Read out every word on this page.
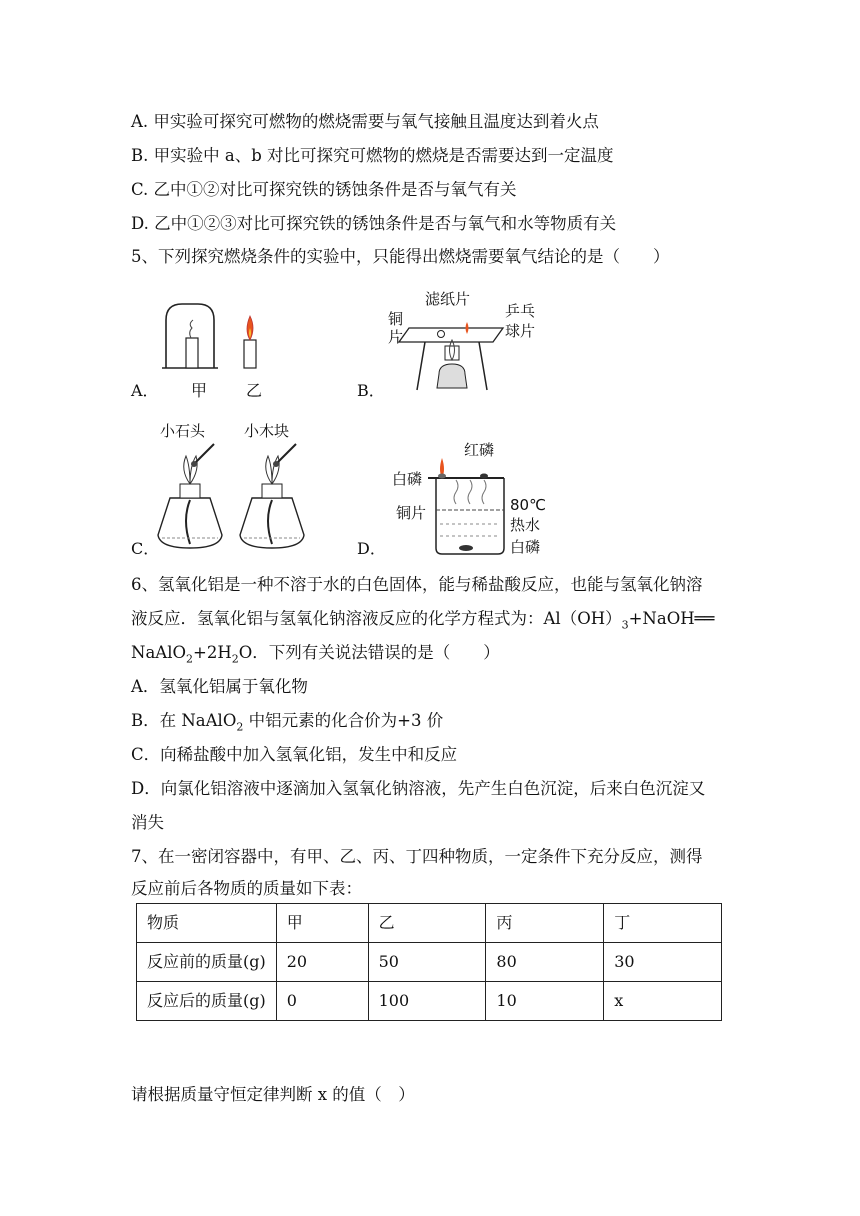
A. 甲实验可探究可燃物的燃烧需要与氧气接触且温度达到着火点
B. 甲实验中 a、b 对比可探究可燃物的燃烧是否需要达到一定温度
C. 乙中①②对比可探究铁的锈蚀条件是否与氧气有关
D. 乙中①②③对比可探究铁的锈蚀条件是否与氧气和水等物质有关
5、下列探究燃烧条件的实验中，只能得出燃烧需要氧气结论的是（　　）
A． 甲 乙	B．
滤纸片
铜
片
乒乓
球片
C．
小石头	小木块
D．
红磷
白磷
铜片	80℃
热水
白磷
6、氢氧化铝是一种不溶于水的白色固体，能与稀盐酸反应，也能与氢氧化钠溶
液反应．氢氧化铝与氢氧化钠溶液反应的化学方程式为：$Al(OH)_3+NaOH══$
$NaAlO_2+2H_2O$．下列有关说法错误的是（　　）
A．氢氧化铝属于氧化物
B．在 NaAlO$_2$ 中铝元素的化合价为+3 价
C．向稀盐酸中加入氢氧化铝，发生中和反应
D．向氯化铝溶液中逐滴加入氢氧化钠溶液，先产生白色沉淀，后来白色沉淀又
消失
7、在一密闭容器中，有甲、乙、丙、丁四种物质，一定条件下充分反应，测得
反应前后各物质的质量如下表：
物质	甲	乙	丙	丁
反应前的质量(g)	20	50	80	30
反应后的质量(g)	0	100	10	x
请根据质量守恒定律判断 x 的值（　）
